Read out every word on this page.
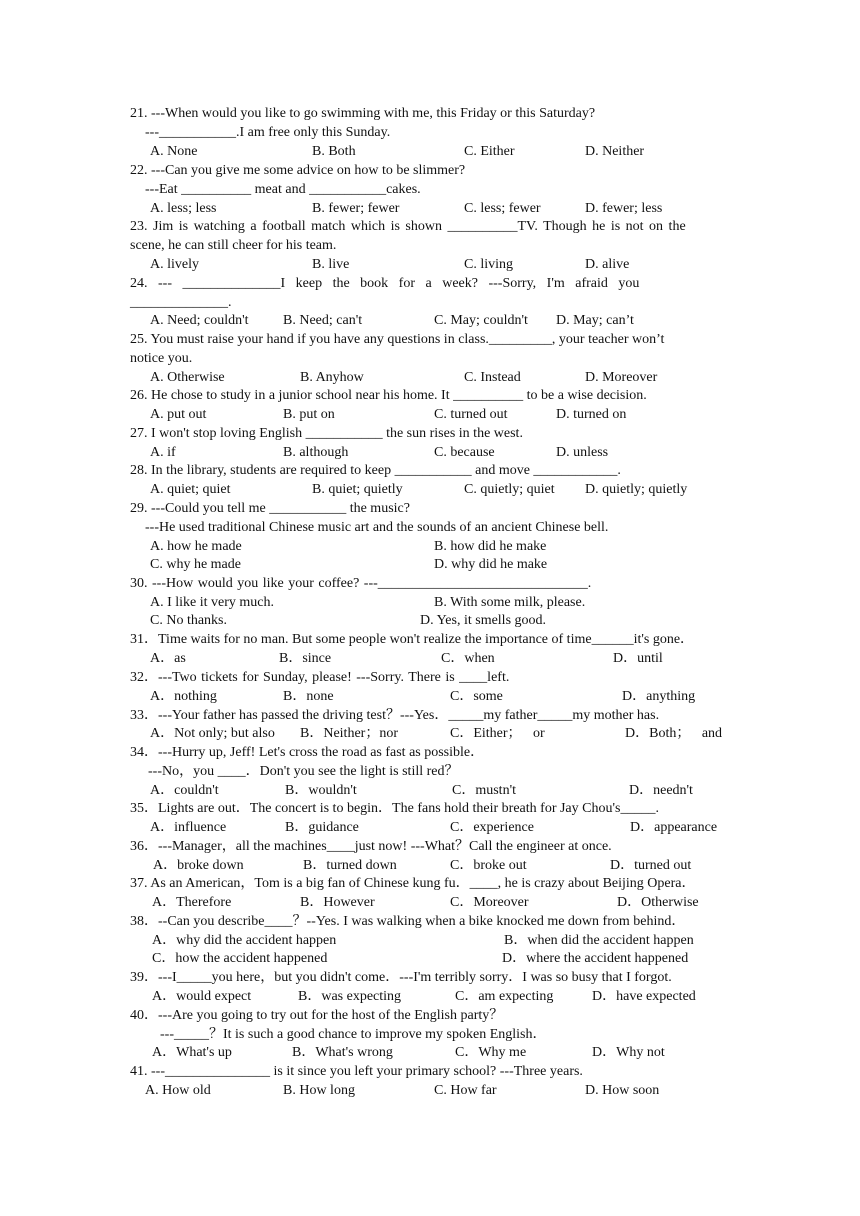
21. ---When would you like to go swimming with me, this Friday or this Saturday?
---___________.I am free only this Sunday.
A. None	B. Both	C. Either	D. Neither
22. ---Can you give me some advice on how to be slimmer?
---Eat __________ meat and ___________cakes.
A. less; less	B. fewer; fewer	C. less; fewer	D. fewer; less
23. Jim is watching a football match which is shown __________TV. Though he is not on the
scene, he can still cheer for his team.
A. lively	B. live	C. living	D. alive
24. --- ______________I keep the book for a week? ---Sorry, I'm afraid you
______________.
A. Need; couldn't B. Need; can't	C. May; couldn't D. May; can’t
25. You must raise your hand if you have any questions in class._________, your teacher won’t
notice you.
A. Otherwise	B. Anyhow	C. Instead	D. Moreover
26. He chose to study in a junior school near his home. It __________ to be a wise decision.
A. put out	B. put on	C. turned out	D. turned on
27. I won't stop loving English ___________ the sun rises in the west.
A. if	B. although	C. because	D. unless
28. In the library, students are required to keep ___________ and move ____________.
A. quiet; quiet	B. quiet; quietly	C. quietly; quiet D. quietly; quietly
29. ---Could you tell me ___________ the music?
---He used traditional Chinese music art and the sounds of an ancient Chinese bell.
A. how he made	B. how did he make
C. why he made	D. why did he make
30. ---How would you like your coffee? ---______________________________.
A. I like it very much.	B. With some milk, please.
C. No thanks.	D. Yes, it smells good.
31．Time waits for no man. But some people won't realize the importance of time______it's gone．
A．as	B．since	C．when	D．until
32．---Two tickets for Sunday, please! ---Sorry. There is ____left.
A．nothing	B．none	C．some	D．anything
33．---Your father has passed the driving test？---Yes．_____my father_____my mother has.
A．Not only; but also B．Neither；nor	C．Either； or	D．Both； and
34．---Hurry up, Jeff! Let's cross the road as fast as possible．
---No，you ____．Don't you see the light is still red？
A．couldn't	B．wouldn't	C．mustn't	D．needn't
35．Lights are out．The concert is to begin．The fans hold their breath for Jay Chou's_____.
A．influence	B．guidance	C．experience	D．appearance
36．---Manager，all the machines____just now! ---What？Call the engineer at once.
A．broke down	B．turned down	C．broke out	D．turned out
37. As an American，Tom is a big fan of Chinese kung fu．____, he is crazy about Beijing Opera．
A．Therefore	B．However	C．Moreover	D．Otherwise
38．--Can you describe____？--Yes. I was walking when a bike knocked me down from behind．
A．why did the accident happen	B．when did the accident happen
C．how the accident happened	D．where the accident happened
39．---I_____you here，but you didn't come．---I'm terribly sorry．I was so busy that I forgot.
A．would expect	B．was expecting	C．am expecting	D．have expected
40．---Are you going to try out for the host of the English party？
---_____？It is such a good chance to improve my spoken English．
A．What's up	B．What's wrong	C．Why me	D．Why not
41. ---_______________ is it since you left your primary school? ---Three years.
A. How old	B. How long	C. How far	D. How soon
